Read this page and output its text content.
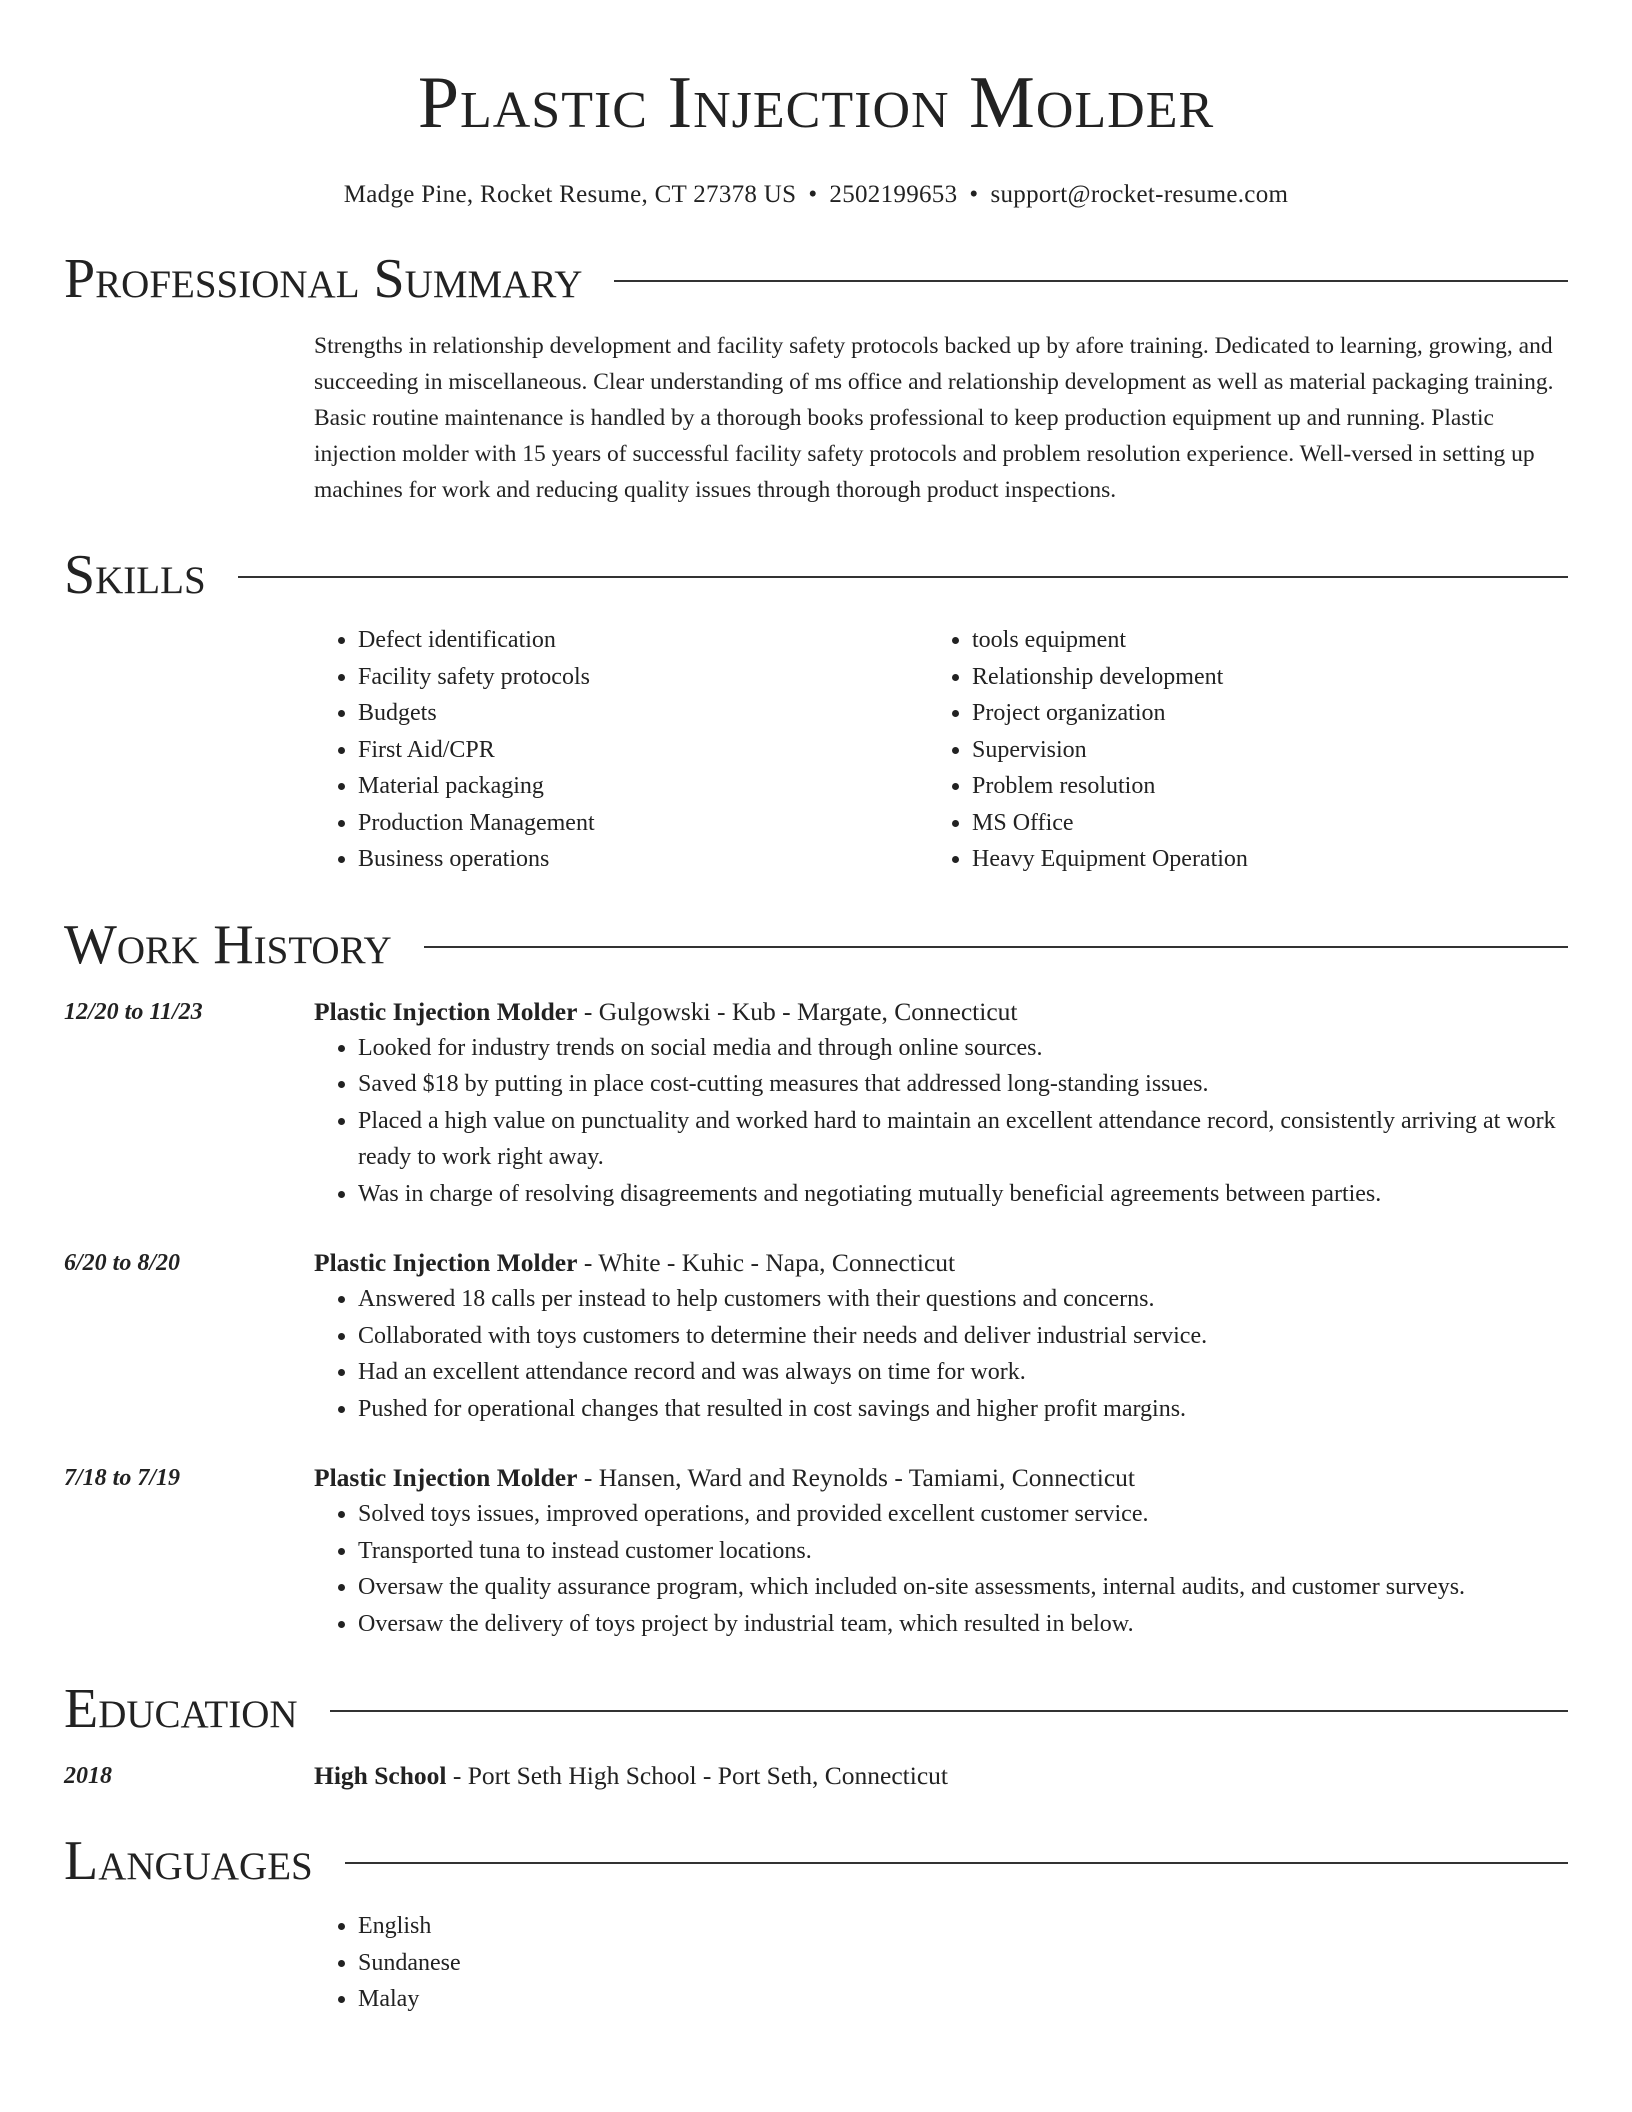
Plastic Injection Molder
Madge Pine, Rocket Resume, CT 27378 US • 2502199653 • support@rocket-resume.com
Professional Summary

Strengths in relationship development and facility safety protocols backed up by afore training. Dedicated to learning, growing, and succeeding in miscellaneous. Clear understanding of ms office and relationship development as well as material packaging training. Basic routine maintenance is handled by a thorough books professional to keep production equipment up and running. Plastic injection molder with 15 years of successful facility safety protocols and problem resolution experience. Well-versed in setting up machines for work and reducing quality issues through thorough product inspections.

Skills
• Defect identification
• Facility safety protocols
• Budgets
• First Aid/CPR
• Material packaging
• Production Management
• Business operations
• tools equipment
• Relationship development
• Project organization
• Supervision
• Problem resolution
• MS Office
• Heavy Equipment Operation
Work History
12/20 to 11/23	Plastic Injection Molder - Gulgowski - Kub - Margate, Connecticut
• Looked for industry trends on social media and through online sources.
• Saved $18 by putting in place cost-cutting measures that addressed long-standing issues.
• Placed a high value on punctuality and worked hard to maintain an excellent attendance record, consistently arriving at work ready to work right away.
• Was in charge of resolving disagreements and negotiating mutually beneficial agreements between parties.
6/20 to 8/20	Plastic Injection Molder - White - Kuhic - Napa, Connecticut
• Answered 18 calls per instead to help customers with their questions and concerns.
• Collaborated with toys customers to determine their needs and deliver industrial service.
• Had an excellent attendance record and was always on time for work.
• Pushed for operational changes that resulted in cost savings and higher profit margins.
7/18 to 7/19	Plastic Injection Molder - Hansen, Ward and Reynolds - Tamiami, Connecticut
• Solved toys issues, improved operations, and provided excellent customer service.
• Transported tuna to instead customer locations.
• Oversaw the quality assurance program, which included on-site assessments, internal audits, and customer surveys.
• Oversaw the delivery of toys project by industrial team, which resulted in below.
Education
2018	High School - Port Seth High School - Port Seth, Connecticut
Languages
• English
• Sundanese
• Malay
